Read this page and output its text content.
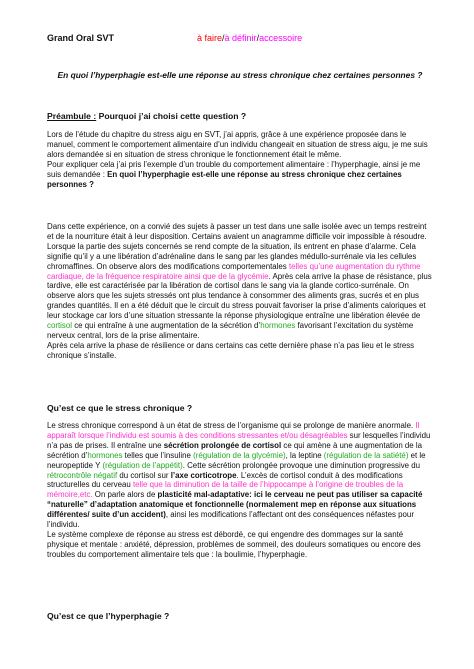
Grand Oral SVT	à faire/à définir/accessoire
En quoi l’hyperphagie est-elle une réponse au stress chronique chez certaines personnes ?
Préambule : Pourquoi j’ai choisi cette question ?
Lors de l’étude du chapitre du stress aigu en SVT, j’ai appris, grâce à une expérience proposée dans le manuel, comment le comportement alimentaire d’un individu changeait en situation de stress aigu, je me suis alors demandée si en situation de stress chronique le fonctionnement était le même.
Pour expliquer cela j’ai pris l’exemple d’un trouble du comportement alimentaire : l’hyperphagie, ainsi je me suis demandée : En quoi l’hyperphagie est-elle une réponse au stress chronique chez certaines personnes ?
Dans cette expérience, on a convié des sujets à passer un test dans une salle isolée avec un temps restreint et de la nourriture était à leur disposition. Certains avaient un anagramme difficile voir impossible à résoudre. Lorsque la partie des sujets concernés se rend compte de la situation, ils entrent en phase d’alarme. Cela signifie qu’il y a une libération d’adrénaline dans le sang par les glandes médullo-surrénale via les cellules chromaffines. On observe alors des modifications comportementales telles qu’une augmentation du rythme cardiaque, de la fréquence respiratoire ainsi que de la glycémie. Après cela arrive la phase de résistance, plus tardive, elle est caractérisée par la libération de cortisol dans le sang via la glande cortico-surrénale. On observe alors que les sujets stressés ont plus tendance à consommer des aliments gras, sucrés et en plus grandes quantités. Il en a été déduit que le circuit du stress pouvait favoriser la prise d’aliments caloriques et leur stockage car lors d’une situation stressante la réponse physiologique entraîne une libération élevée de cortisol ce qui entraîne à une augmentation de la sécrétion d’hormones favorisant l’excitation du système nerveux central, lors de la prise alimentaire.
Après cela arrive la phase de résilience or dans certains cas cette dernière phase n’a pas lieu et le stress chronique s’installe.
Qu’est ce que le stress chronique ?
Le stress chronique correspond à un état de stress de l’organisme qui se prolonge de manière anormale. Il apparaît lorsque l’individu est soumis à des conditions stressantes et/ou désagréables sur lesquelles l’individu n’a pas de prises. Il entraîne une sécrétion prolongée de cortisol ce qui amène à une augmentation de la sécrétion d’hormones telles que l’insuline (régulation de la glycémie), la leptine (régulation de la satiété) et le neuropeptide Y (régulation de l’appétit). Cette sécrétion prolongée provoque une diminution progressive du rétrocontrôle négatif du cortisol sur l’axe corticotrope. L’excès de cortisol conduit à des modifications structurelles du cerveau telle que la diminution de la taille de l’hippocampe à l’origine de troubles de la mémoire,etc. On parle alors de plasticité mal-adaptative: ici le cerveau ne peut pas utiliser sa capacité “naturelle” d’adaptation anatomique et fonctionnelle (normalement mep en réponse aux situations différentes/ suite d’un accident), ainsi les modifications l’affectant ont des conséquences néfastes pour l’individu.
Le système complexe de réponse au stress est débordé, ce qui engendre des dommages sur la santé physique et mentale : anxiété, dépression, problèmes de sommeil, des douleurs somatiques ou encore des troubles du comportement alimentaire tels que : la boulimie, l’hyperphagie.
Qu’est ce que l’hyperphagie ?
